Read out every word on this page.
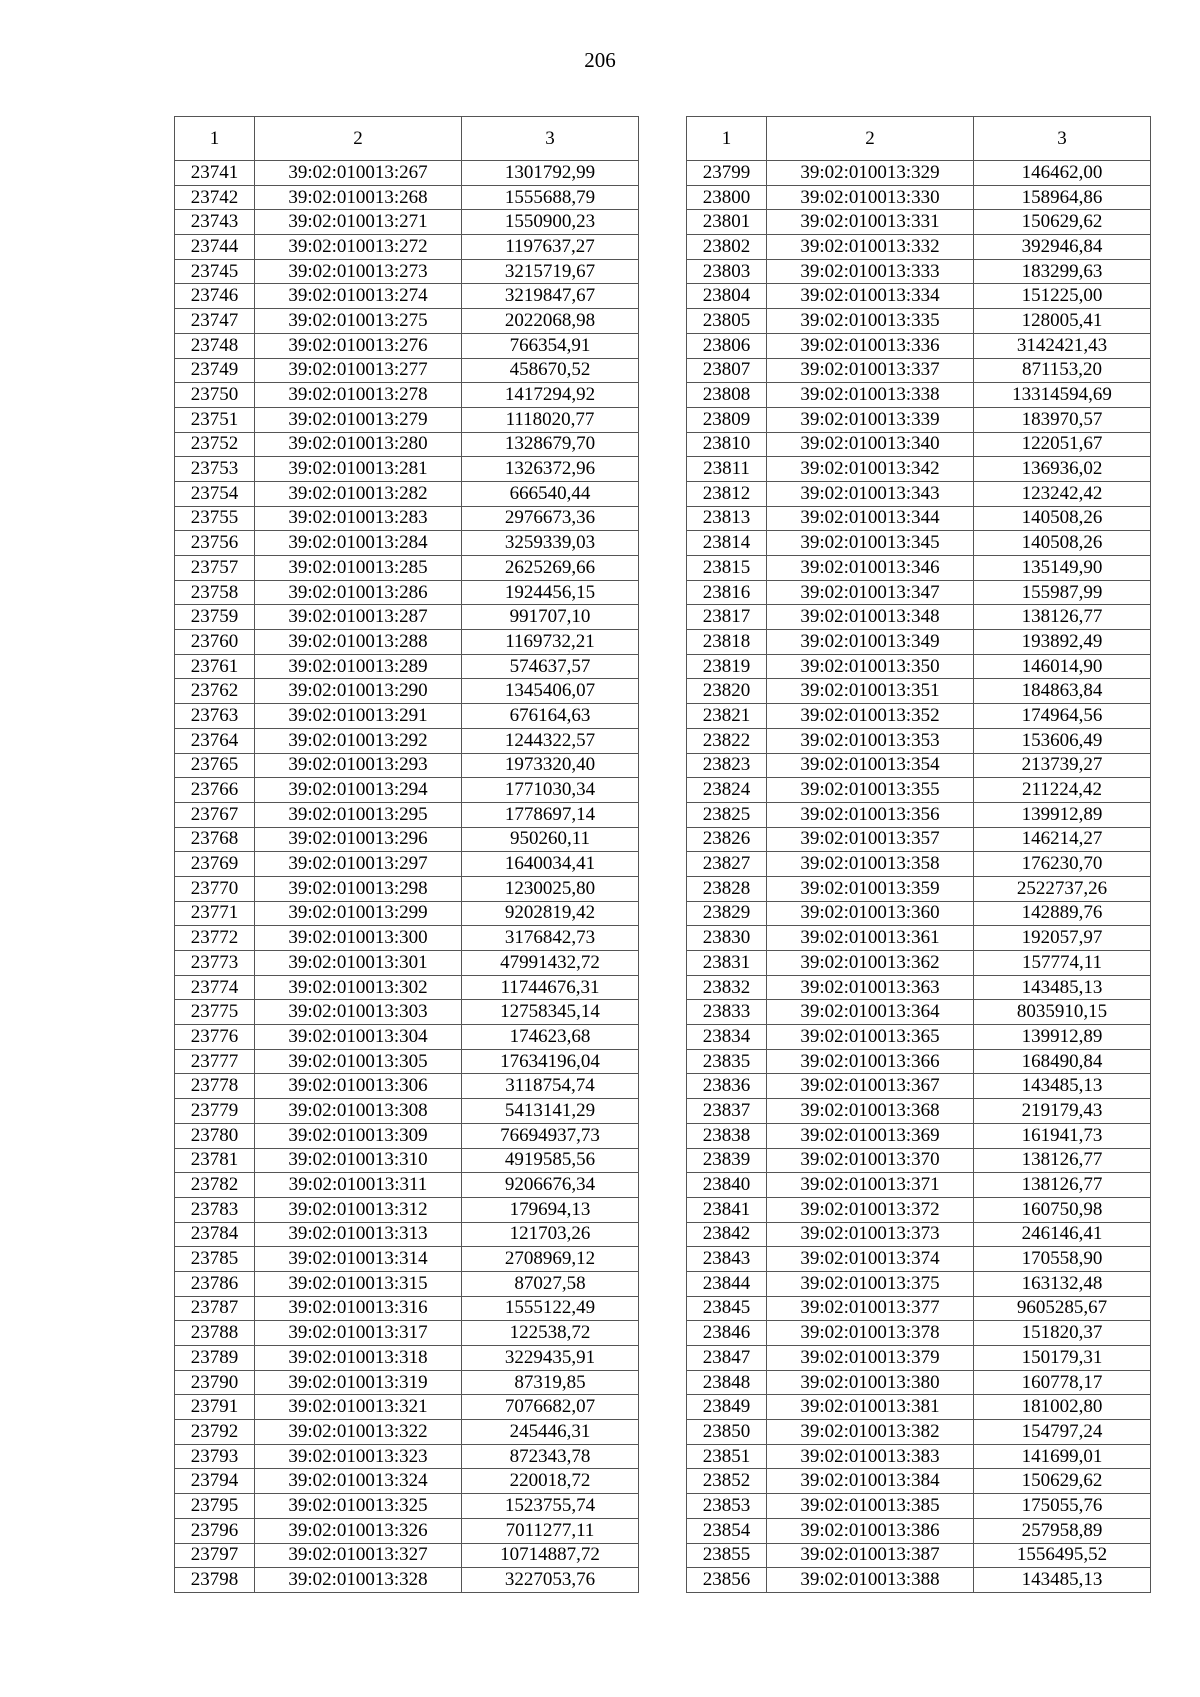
206
1	2	3
23741	39:02:010013:267	1301792,99
23742	39:02:010013:268	1555688,79
23743	39:02:010013:271	1550900,23
23744	39:02:010013:272	1197637,27
23745	39:02:010013:273	3215719,67
23746	39:02:010013:274	3219847,67
23747	39:02:010013:275	2022068,98
23748	39:02:010013:276	766354,91
23749	39:02:010013:277	458670,52
23750	39:02:010013:278	1417294,92
23751	39:02:010013:279	1118020,77
23752	39:02:010013:280	1328679,70
23753	39:02:010013:281	1326372,96
23754	39:02:010013:282	666540,44
23755	39:02:010013:283	2976673,36
23756	39:02:010013:284	3259339,03
23757	39:02:010013:285	2625269,66
23758	39:02:010013:286	1924456,15
23759	39:02:010013:287	991707,10
23760	39:02:010013:288	1169732,21
23761	39:02:010013:289	574637,57
23762	39:02:010013:290	1345406,07
23763	39:02:010013:291	676164,63
23764	39:02:010013:292	1244322,57
23765	39:02:010013:293	1973320,40
23766	39:02:010013:294	1771030,34
23767	39:02:010013:295	1778697,14
23768	39:02:010013:296	950260,11
23769	39:02:010013:297	1640034,41
23770	39:02:010013:298	1230025,80
23771	39:02:010013:299	9202819,42
23772	39:02:010013:300	3176842,73
23773	39:02:010013:301	47991432,72
23774	39:02:010013:302	11744676,31
23775	39:02:010013:303	12758345,14
23776	39:02:010013:304	174623,68
23777	39:02:010013:305	17634196,04
23778	39:02:010013:306	3118754,74
23779	39:02:010013:308	5413141,29
23780	39:02:010013:309	76694937,73
23781	39:02:010013:310	4919585,56
23782	39:02:010013:311	9206676,34
23783	39:02:010013:312	179694,13
23784	39:02:010013:313	121703,26
23785	39:02:010013:314	2708969,12
23786	39:02:010013:315	87027,58
23787	39:02:010013:316	1555122,49
23788	39:02:010013:317	122538,72
23789	39:02:010013:318	3229435,91
23790	39:02:010013:319	87319,85
23791	39:02:010013:321	7076682,07
23792	39:02:010013:322	245446,31
23793	39:02:010013:323	872343,78
23794	39:02:010013:324	220018,72
23795	39:02:010013:325	1523755,74
23796	39:02:010013:326	7011277,11
23797	39:02:010013:327	10714887,72
23798	39:02:010013:328	3227053,76
1	2	3
23799	39:02:010013:329	146462,00
23800	39:02:010013:330	158964,86
23801	39:02:010013:331	150629,62
23802	39:02:010013:332	392946,84
23803	39:02:010013:333	183299,63
23804	39:02:010013:334	151225,00
23805	39:02:010013:335	128005,41
23806	39:02:010013:336	3142421,43
23807	39:02:010013:337	871153,20
23808	39:02:010013:338	13314594,69
23809	39:02:010013:339	183970,57
23810	39:02:010013:340	122051,67
23811	39:02:010013:342	136936,02
23812	39:02:010013:343	123242,42
23813	39:02:010013:344	140508,26
23814	39:02:010013:345	140508,26
23815	39:02:010013:346	135149,90
23816	39:02:010013:347	155987,99
23817	39:02:010013:348	138126,77
23818	39:02:010013:349	193892,49
23819	39:02:010013:350	146014,90
23820	39:02:010013:351	184863,84
23821	39:02:010013:352	174964,56
23822	39:02:010013:353	153606,49
23823	39:02:010013:354	213739,27
23824	39:02:010013:355	211224,42
23825	39:02:010013:356	139912,89
23826	39:02:010013:357	146214,27
23827	39:02:010013:358	176230,70
23828	39:02:010013:359	2522737,26
23829	39:02:010013:360	142889,76
23830	39:02:010013:361	192057,97
23831	39:02:010013:362	157774,11
23832	39:02:010013:363	143485,13
23833	39:02:010013:364	8035910,15
23834	39:02:010013:365	139912,89
23835	39:02:010013:366	168490,84
23836	39:02:010013:367	143485,13
23837	39:02:010013:368	219179,43
23838	39:02:010013:369	161941,73
23839	39:02:010013:370	138126,77
23840	39:02:010013:371	138126,77
23841	39:02:010013:372	160750,98
23842	39:02:010013:373	246146,41
23843	39:02:010013:374	170558,90
23844	39:02:010013:375	163132,48
23845	39:02:010013:377	9605285,67
23846	39:02:010013:378	151820,37
23847	39:02:010013:379	150179,31
23848	39:02:010013:380	160778,17
23849	39:02:010013:381	181002,80
23850	39:02:010013:382	154797,24
23851	39:02:010013:383	141699,01
23852	39:02:010013:384	150629,62
23853	39:02:010013:385	175055,76
23854	39:02:010013:386	257958,89
23855	39:02:010013:387	1556495,52
23856	39:02:010013:388	143485,13
